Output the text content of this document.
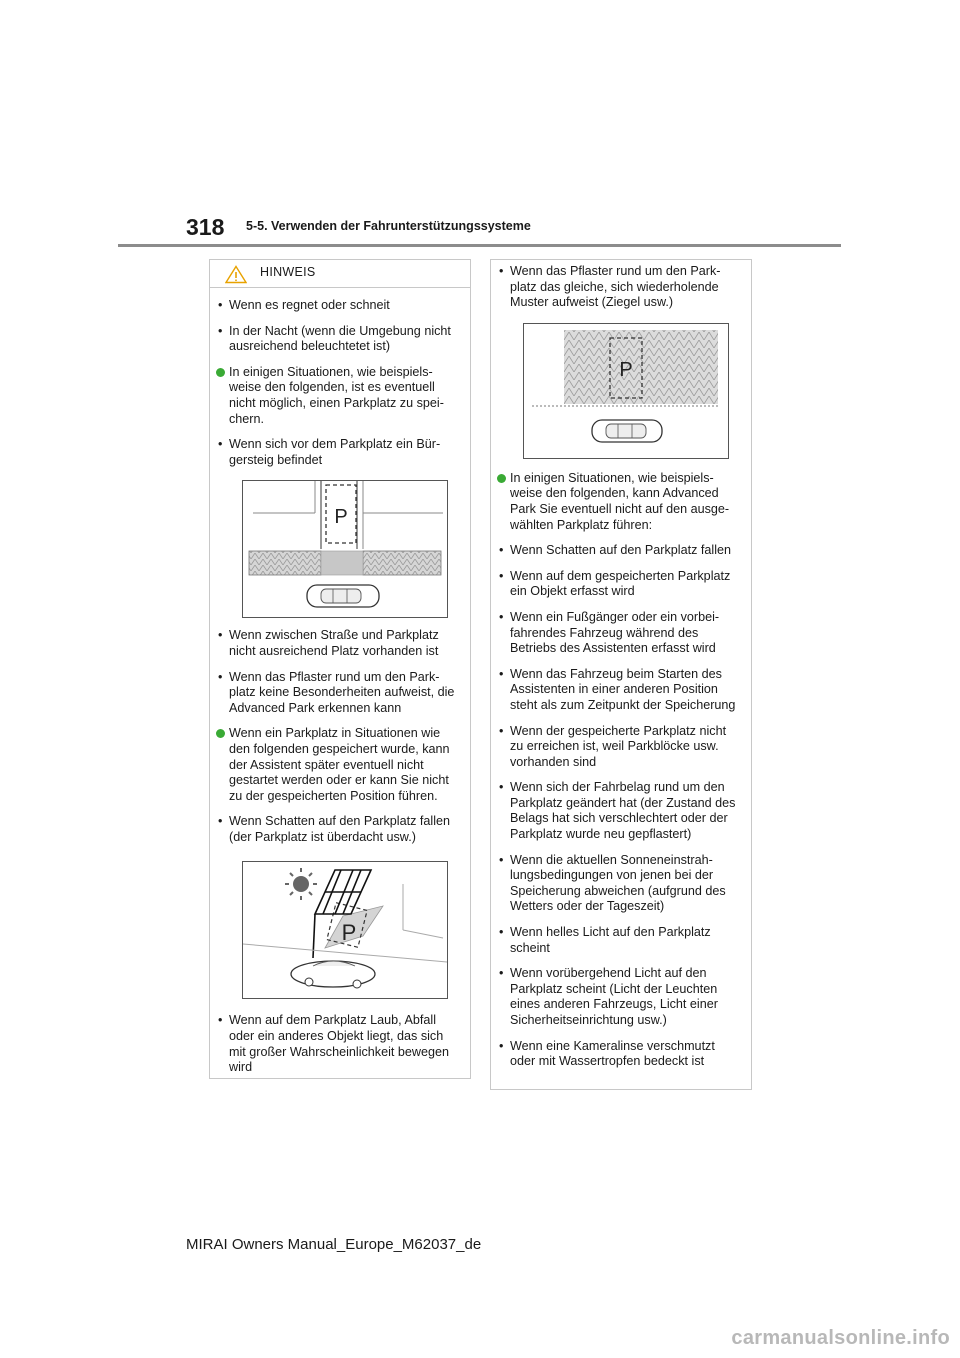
318 5-5. Verwenden der Fahrunterstützungssysteme
HINWEIS
• Wenn es regnet oder schneit
• In der Nacht (wenn die Umgebung nicht ausreichend beleuchtetet ist)
In einigen Situationen, wie beispiels-weise den folgenden, ist es eventuell nicht möglich, einen Parkplatz zu spei-chern.
• Wenn sich vor dem Parkplatz ein Bür-gersteig befindet
P
• Wenn zwischen Straße und Parkplatz nicht ausreichend Platz vorhanden ist
• Wenn das Pflaster rund um den Park-platz keine Besonderheiten aufweist, die Advanced Park erkennen kann
Wenn ein Parkplatz in Situationen wie den folgenden gespeichert wurde, kann der Assistent später eventuell nicht gestartet werden oder er kann Sie nicht zu der gespeicherten Position führen.
• Wenn Schatten auf den Parkplatz fallen (der Parkplatz ist überdacht usw.)
P
• Wenn auf dem Parkplatz Laub, Abfall oder ein anderes Objekt liegt, das sich mit großer Wahrscheinlichkeit bewegen wird
• Wenn das Pflaster rund um den Park-platz das gleiche, sich wiederholende Muster aufweist (Ziegel usw.)
P
In einigen Situationen, wie beispiels-weise den folgenden, kann Advanced Park Sie eventuell nicht auf den ausge-wählten Parkplatz führen:
• Wenn Schatten auf den Parkplatz fallen
• Wenn auf dem gespeicherten Parkplatz ein Objekt erfasst wird
• Wenn ein Fußgänger oder ein vorbei-fahrendes Fahrzeug während des Betriebs des Assistenten erfasst wird
• Wenn das Fahrzeug beim Starten des Assistenten in einer anderen Position steht als zum Zeitpunkt der Speicherung
• Wenn der gespeicherte Parkplatz nicht zu erreichen ist, weil Parkblöcke usw. vorhanden sind
• Wenn sich der Fahrbelag rund um den Parkplatz geändert hat (der Zustand des Belags hat sich verschlechtert oder der Parkplatz wurde neu gepflastert)
• Wenn die aktuellen Sonneneinstrah-lungsbedingungen von jenen bei der Speicherung abweichen (aufgrund des Wetters oder der Tageszeit)
• Wenn helles Licht auf den Parkplatz scheint
• Wenn vorübergehend Licht auf den Parkplatz scheint (Licht der Leuchten eines anderen Fahrzeugs, Licht einer Sicherheitseinrichtung usw.)
• Wenn eine Kameralinse verschmutzt oder mit Wassertropfen bedeckt ist
MIRAI Owners Manual_Europe_M62037_de
carmanualsonline.info
